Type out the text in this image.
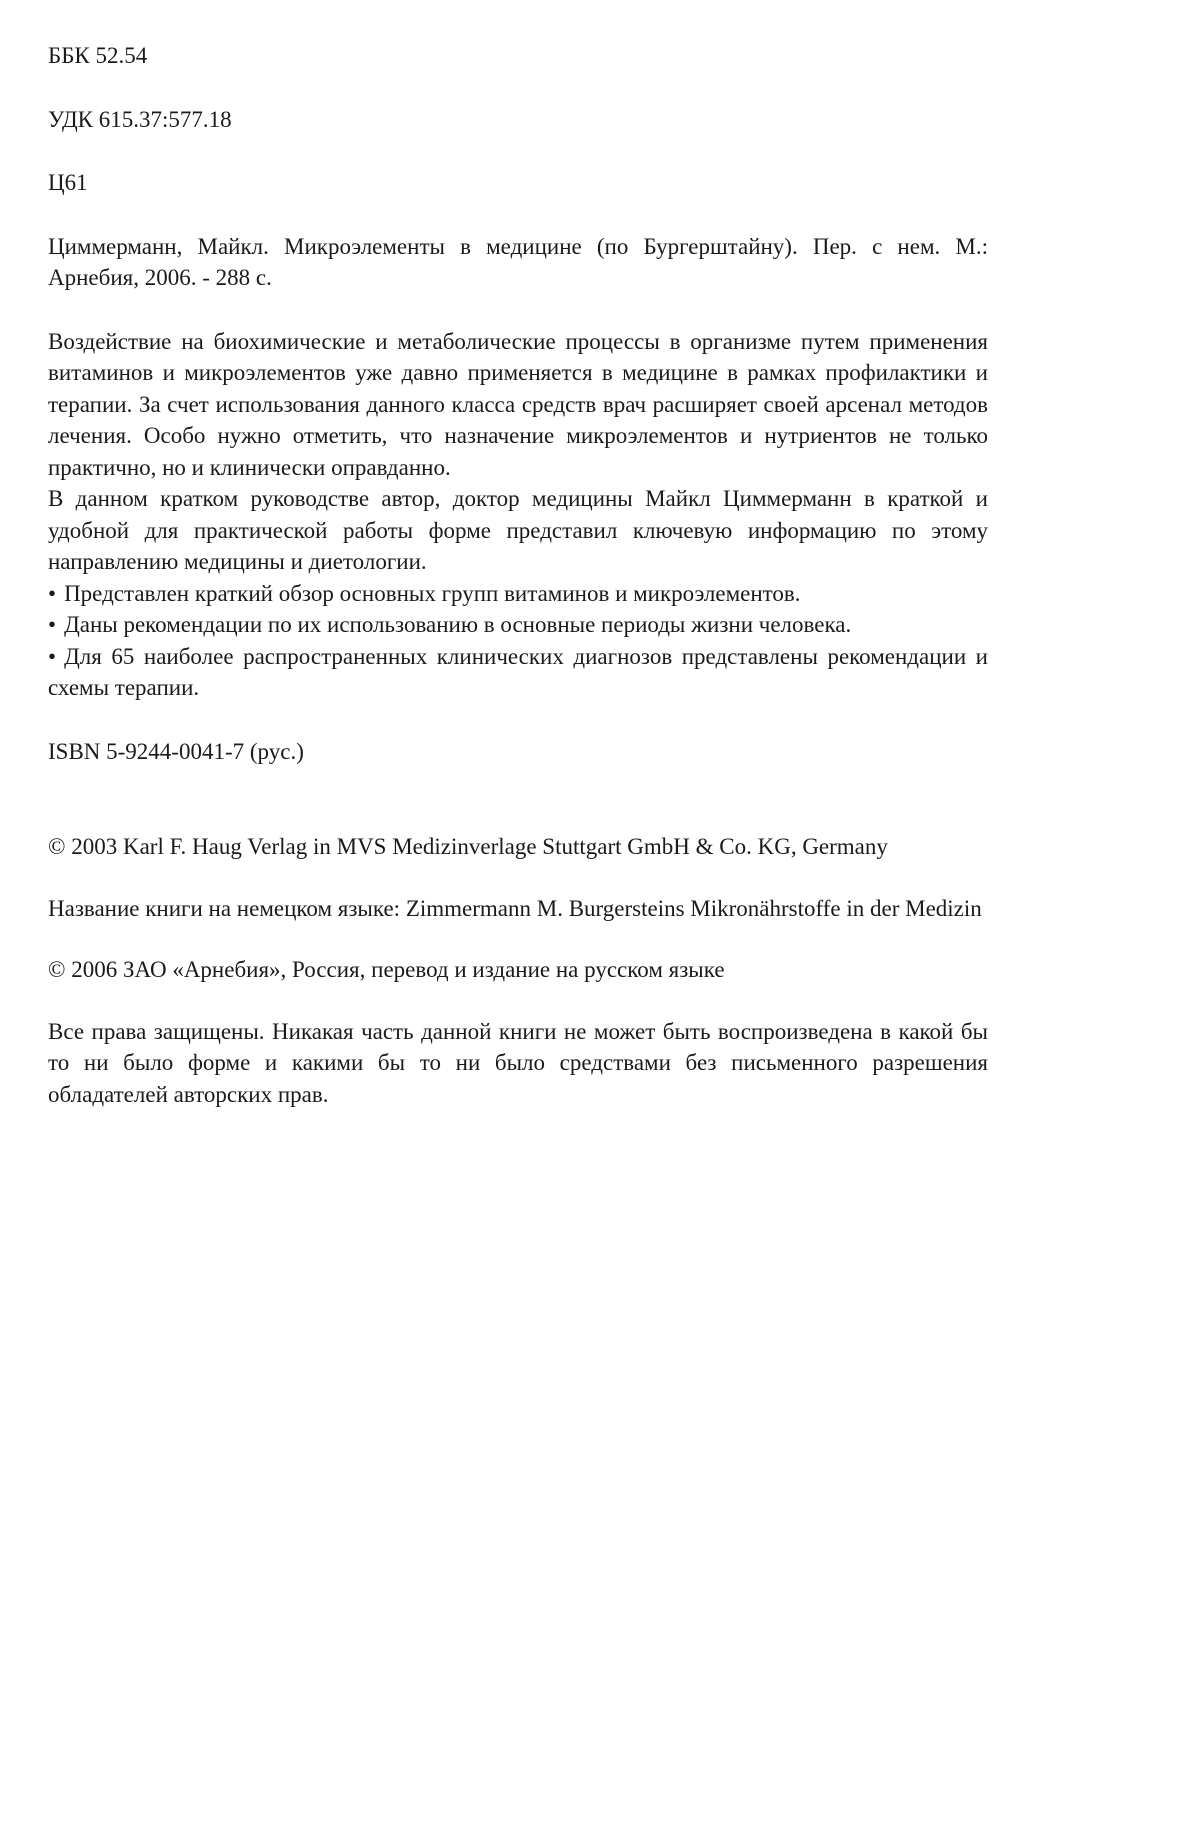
ББК 52.54

УДК 615.37:577.18

Ц61

Циммерманн, Майкл. Микроэлементы в медицине (по Бургерштайну). Пер. с нем. М.: Арнебия, 2006. - 288 с.

Воздействие на биохимические и метаболические процессы в организме путем применения витаминов и микроэлементов уже давно применяется в медицине в рамках профилактики и терапии. За счет использования данного класса средств врач расширяет своей арсенал методов лечения. Особо нужно отметить, что назначение микроэлементов и нутриентов не только практично, но и клинически оправданно.

В данном кратком руководстве автор, доктор медицины Майкл Циммерманн в краткой и удобной для практической работы форме представил ключевую информацию по этому направлению медицины и диетологии.

• Представлен краткий обзор основных групп витаминов и микроэлементов.
• Даны рекомендации по их использованию в основные периоды жизни человека.
• Для 65 наиболее распространенных клинических диагнозов представлены рекомендации и схемы терапии.

ISBN 5-9244-0041-7 (рус.)

© 2003 Karl F. Haug Verlag in MVS Medizinverlage Stuttgart GmbH & Co. KG, Germany

Название книги на немецком языке: Zimmermann M. Burgersteins Mikronährstoffe in der Medizin

© 2006 ЗАО «Арнебия», Россия, перевод и издание на русском языке

Все права защищены. Никакая часть данной книги не может быть воспроизведена в какой бы то ни было форме и какими бы то ни было средствами без письменного разрешения обладателей авторских прав.
